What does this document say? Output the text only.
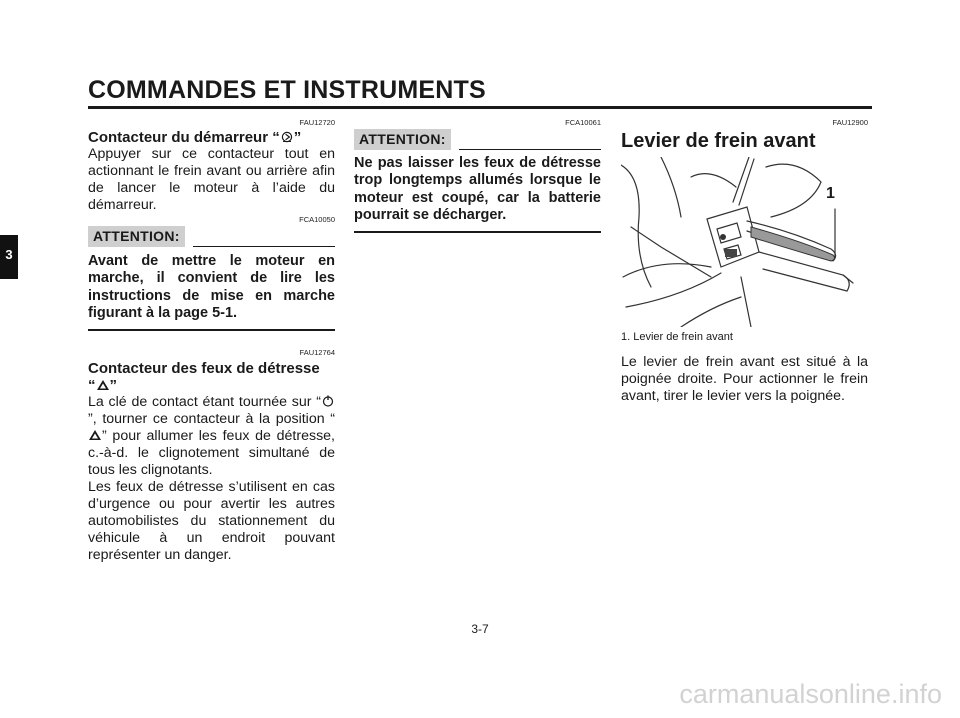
COMMANDES ET INSTRUMENTS
3
FAU12720
Contacteur du démarreur “ ”
Appuyer sur ce contacteur tout en actionnant le frein avant ou arrière afin de lancer le moteur à l’aide du démarreur.
FCA10050
ATTENTION:
Avant de mettre le moteur en marche, il convient de lire les instructions de mise en marche figurant à la page 5-1.
FAU12764
Contacteur des feux de détresse
“ ”
La clé de contact étant tournée sur “”, tourner ce contacteur à la position “” pour allumer les feux de détresse, c.-à-d. le clignotement simultané de tous les clignotants.
Les feux de détresse s’utilisent en cas d’urgence ou pour avertir les autres automobilistes du stationnement du véhicule à un endroit pouvant représenter un danger.
FCA10061
ATTENTION:
Ne pas laisser les feux de détresse trop longtemps allumés lorsque le moteur est coupé, car la batterie pourrait se décharger.
FAU12900
Levier de frein avant
1
1. Levier de frein avant
Le levier de frein avant est situé à la poignée droite. Pour actionner le frein avant, tirer le levier vers la poignée.
3-7
carmanualsonline.info
